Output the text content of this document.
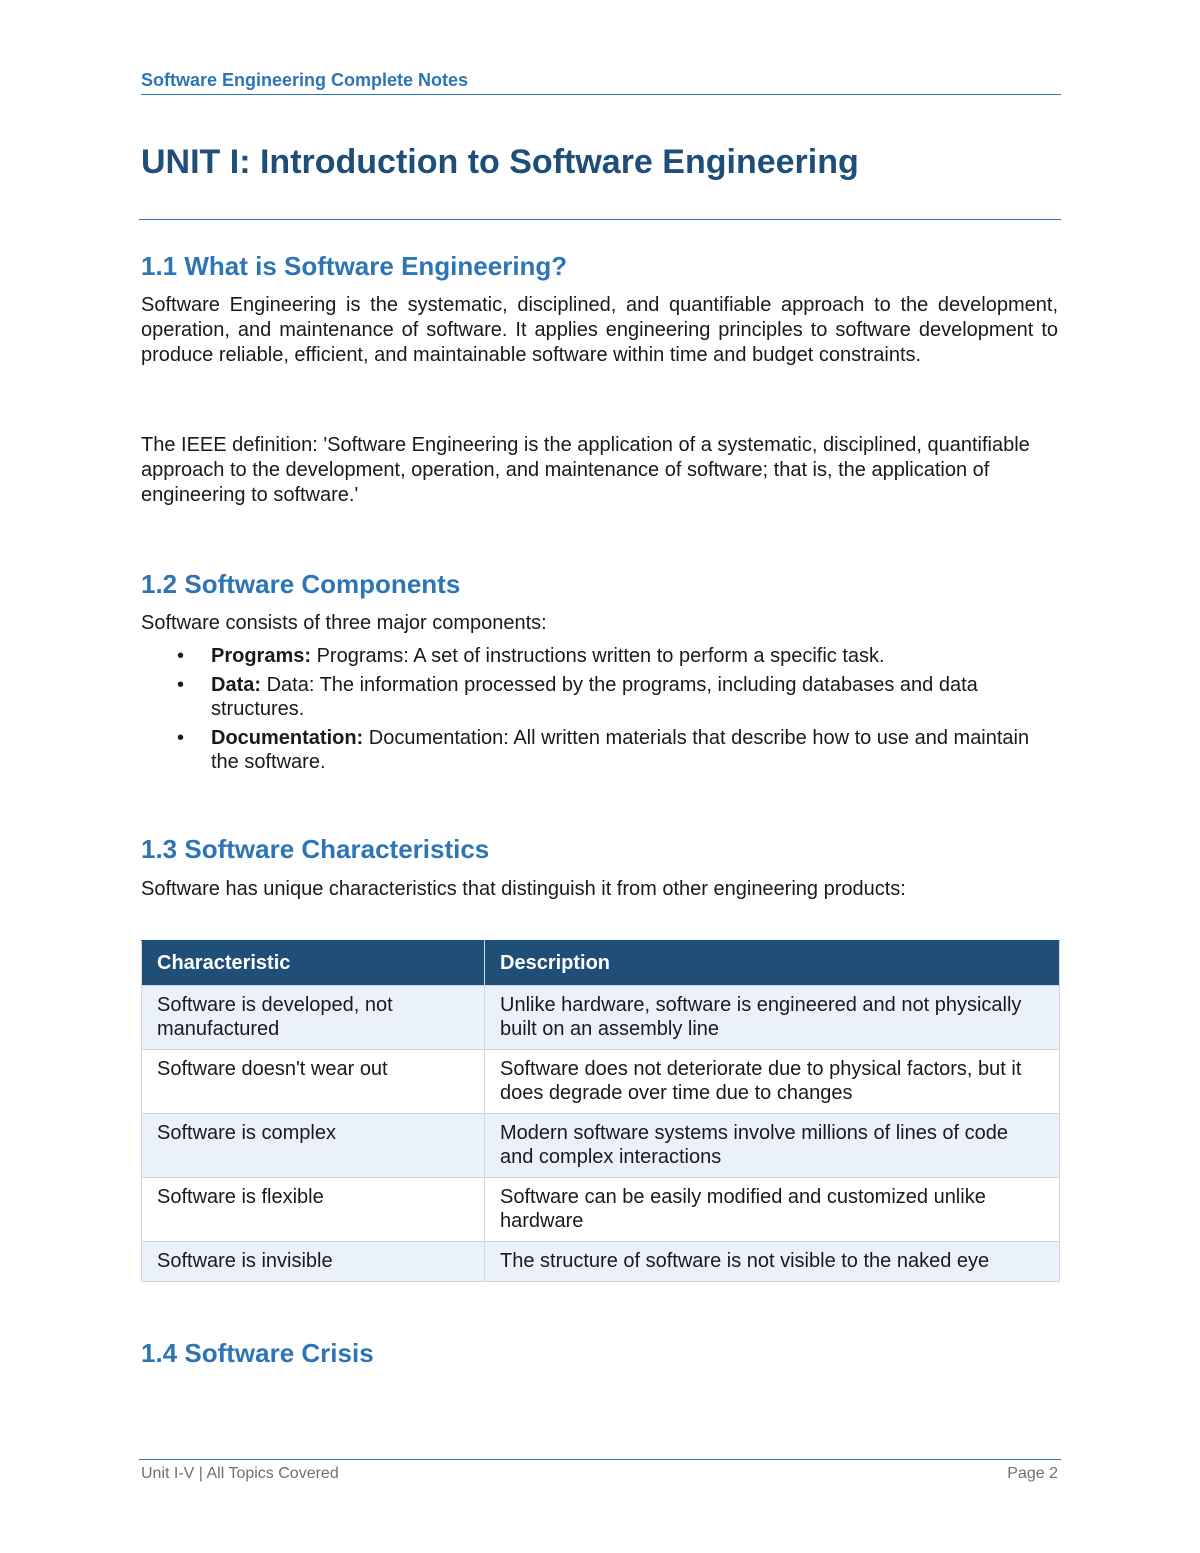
Software Engineering Complete Notes
UNIT I: Introduction to Software Engineering
1.1 What is Software Engineering?

Software Engineering is the systematic, disciplined, and quantifiable approach to the development, operation, and maintenance of software. It applies engineering principles to software development to produce reliable, efficient, and maintainable software within time and budget constraints.

The IEEE definition: 'Software Engineering is the application of a systematic, disciplined, quantifiable approach to the development, operation, and maintenance of software; that is, the application of engineering to software.'

1.2 Software Components

Software consists of three major components:

• Programs: Programs: A set of instructions written to perform a specific task.
• Data: Data: The information processed by the programs, including databases and data structures.
• Documentation: Documentation: All written materials that describe how to use and maintain the software.
1.3 Software Characteristics

Software has unique characteristics that distinguish it from other engineering products:

Characteristic	Description
Software is developed, not manufactured	Unlike hardware, software is engineered and not physically built on an assembly line
Software doesn't wear out	Software does not deteriorate due to physical factors, but it does degrade over time due to changes
Software is complex	Modern software systems involve millions of lines of code and complex interactions
Software is flexible	Software can be easily modified and customized unlike hardware
Software is invisible	The structure of software is not visible to the naked eye
1.4 Software Crisis
Unit I-V | All Topics Covered	Page 2
